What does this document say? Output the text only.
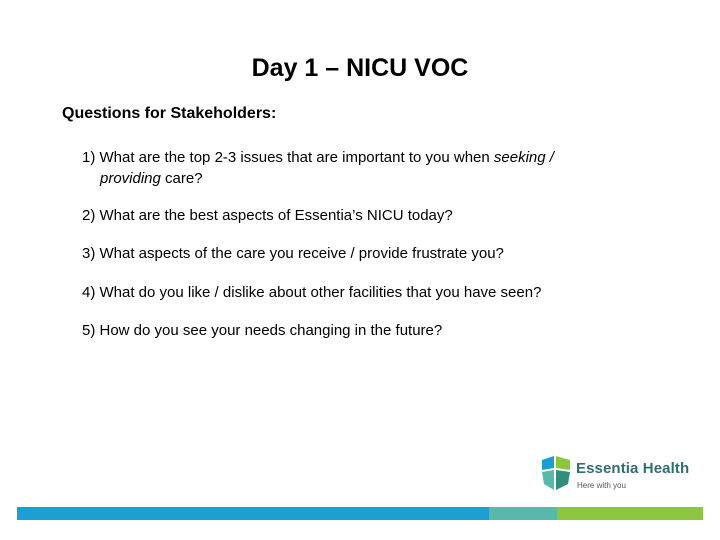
Day 1 – NICU VOC
Questions for Stakeholders:
1) What are the top 2-3 issues that are important to you when seeking /
providing care?
2) What are the best aspects of Essentia’s NICU today?
3) What aspects of the care you receive / provide frustrate you?
4) What do you like / dislike about other facilities that you have seen?
5) How do you see your needs changing in the future?
Essentia Health
Here with you
